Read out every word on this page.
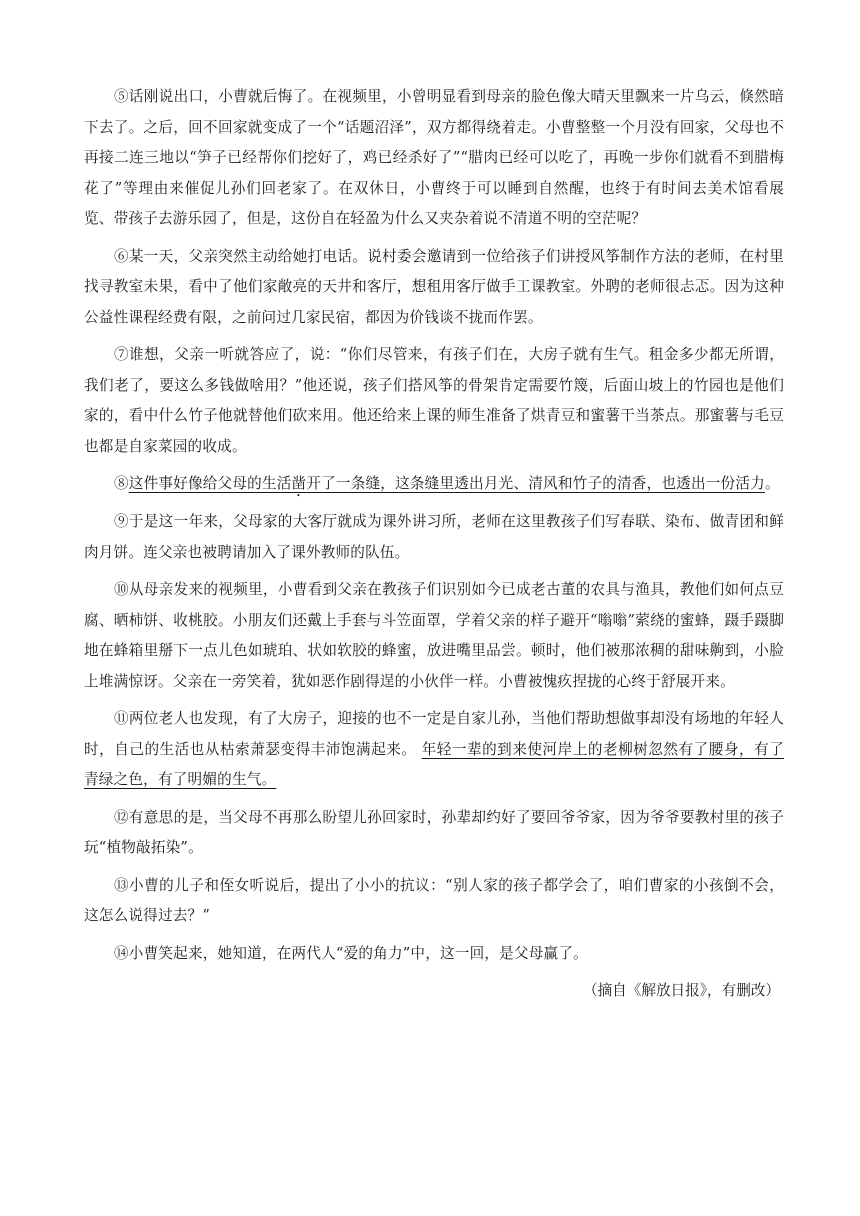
⑤话刚说出口，小曹就后悔了。在视频里，小曾明显看到母亲的脸色像大晴天里飘来一片乌云，倏然暗下去了。之后，回不回家就变成了一个“话题沼泽”，双方都得绕着走。小曹整整一个月没有回家，父母也不再接二连三地以“笋子已经帮你们挖好了，鸡已经杀好了”“腊肉已经可以吃了，再晚一步你们就看不到腊梅花了”等理由来催促儿孙们回老家了。在双休日，小曹终于可以睡到自然醒，也终于有时间去美术馆看展览、带孩子去游乐园了，但是，这份自在轻盈为什么又夹杂着说不清道不明的空茫呢？

⑥某一天，父亲突然主动给她打电话。说村委会邀请到一位给孩子们讲授风筝制作方法的老师，在村里找寻教室未果，看中了他们家敞亮的天井和客厅，想租用客厅做手工课教室。外聘的老师很忐忑。因为这种公益性课程经费有限，之前问过几家民宿，都因为价钱谈不拢而作罢。

⑦谁想，父亲一听就答应了，说：“你们尽管来，有孩子们在，大房子就有生气。租金多少都无所谓，我们老了，要这么多钱做啥用？”他还说，孩子们搭风筝的骨架肯定需要竹篾，后面山坡上的竹园也是他们家的，看中什么竹子他就替他们砍来用。他还给来上课的师生准备了烘青豆和蜜薯干当茶点。那蜜薯与毛豆也都是自家菜园的收成。

⑧这件事好像给父母的生活凿开了一条缝，这条缝里透出月光、清风和竹子的清香，也透出一份活力。

⑨于是这一年来，父母家的大客厅就成为课外讲习所，老师在这里教孩子们写春联、染布、做青团和鲜肉月饼。连父亲也被聘请加入了课外教师的队伍。

⑩从母亲发来的视频里，小曹看到父亲在教孩子们识别如今已成老古董的农具与渔具，教他们如何点豆腐、晒柿饼、收桃胶。小朋友们还戴上手套与斗笠面罩，学着父亲的样子避开“嗡嗡”萦绕的蜜蜂，蹑手蹑脚地在蜂箱里掰下一点儿色如琥珀、状如软胶的蜂蜜，放进嘴里品尝。顿时，他们被那浓稠的甜味齁到，小脸上堆满惊讶。父亲在一旁笑着，犹如恶作剧得逞的小伙伴一样。小曹被愧疚捏拢的心终于舒展开来。

⑪两位老人也发现，有了大房子，迎接的也不一定是自家儿孙，当他们帮助想做事却没有场地的年轻人时，自己的生活也从枯索萧瑟变得丰沛饱满起来。 年轻一辈的到来使河岸上的老柳树忽然有了腰身，有了青绿之色，有了明媚的生气。

⑫有意思的是，当父母不再那么盼望儿孙回家时，孙辈却约好了要回爷爷家，因为爷爷要教村里的孩子玩“植物敲拓染”。

⑬小曹的儿子和侄女听说后，提出了小小的抗议：“别人家的孩子都学会了，咱们曹家的小孩倒不会，这怎么说得过去？”

⑭小曹笑起来，她知道，在两代人“爱的角力”中，这一回，是父母赢了。

（摘自《解放日报》，有删改）
